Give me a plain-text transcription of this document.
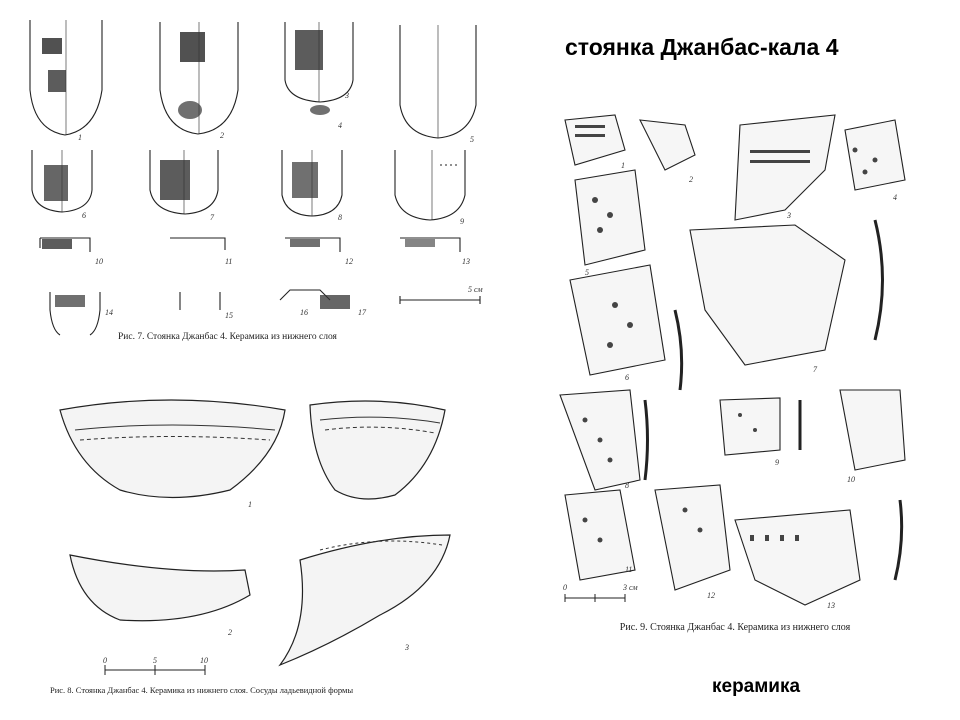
стоянка Джанбас-кала 4
1	2
3
4
5
6	7	8	9
10	11	12	13
14	15	16	17
5 см
Рис. 7. Стоянка Джанбас 4. Керамика из нижнего слоя
1
2
3
0	5	10
Рис. 8. Стоянка Джанбас 4. Керамика из нижнего слоя. Сосуды ладьевидной формы
1
2
3
4
5
6
7
8
9
10
11
12
13
0	3 см
Рис. 9. Стоянка Джанбас 4. Керамика из нижнего слоя
керамика
